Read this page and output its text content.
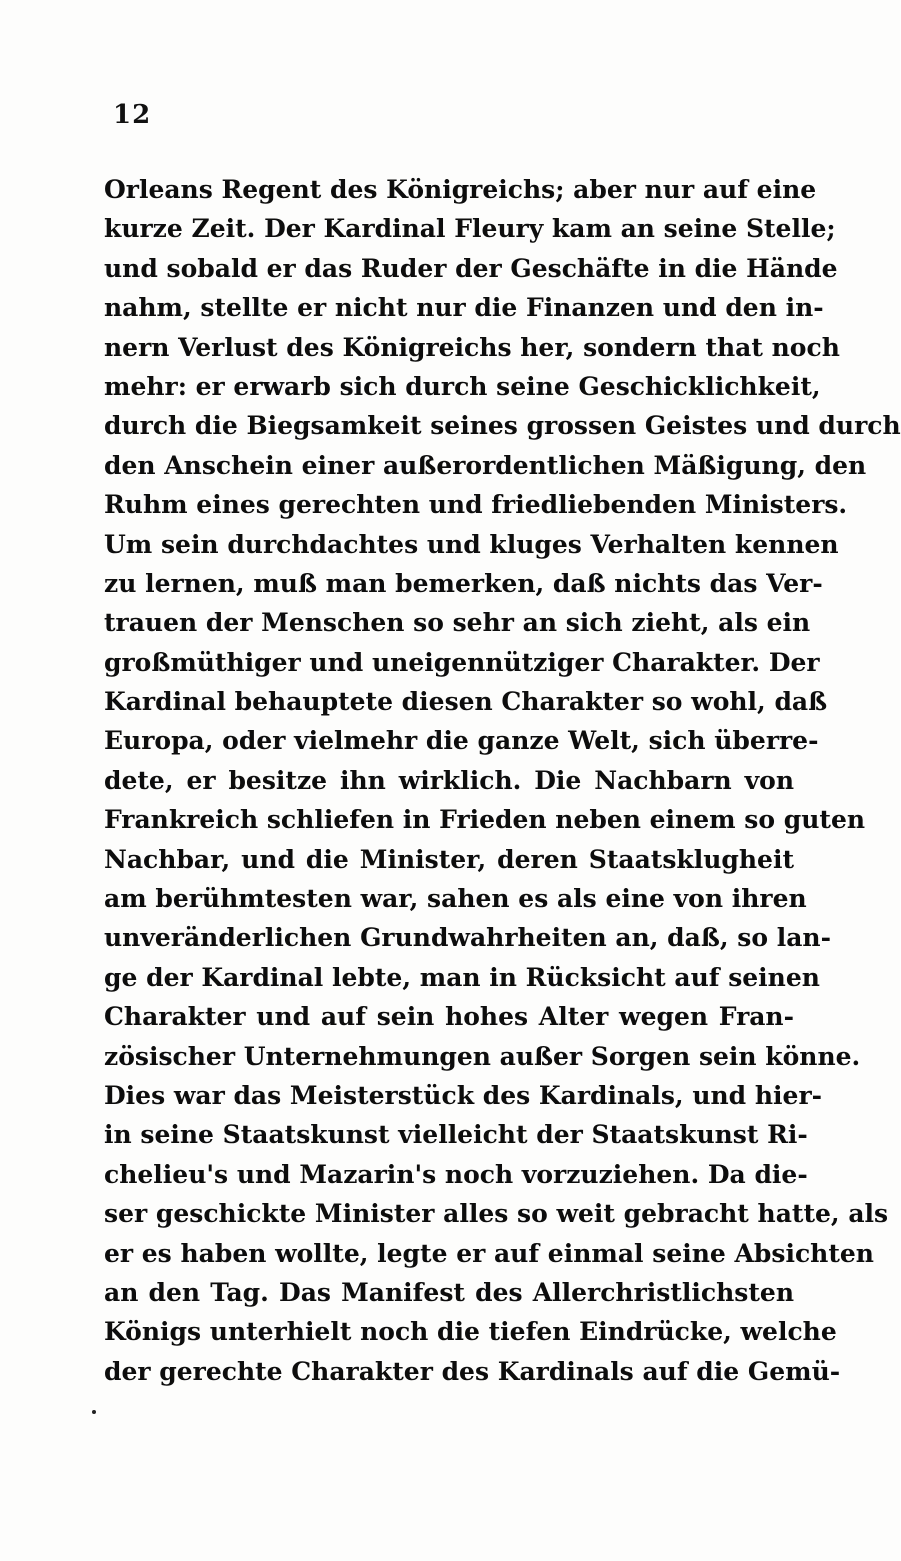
12
Orleans Regent des Königreichs; aber nur auf eine
kurze Zeit. Der Kardinal Fleury kam an seine Stelle;
und sobald er das Ruder der Geschäfte in die Hände
nahm, stellte er nicht nur die Finanzen und den in-
nern Verlust des Königreichs her, sondern that noch
mehr: er erwarb sich durch seine Geschicklichkeit,
durch die Biegsamkeit seines grossen Geistes und durch
den Anschein einer außerordentlichen Mäßigung, den
Ruhm eines gerechten und friedliebenden Ministers.
Um sein durchdachtes und kluges Verhalten kennen
zu lernen, muß man bemerken, daß nichts das Ver-
trauen der Menschen so sehr an sich zieht, als ein
großmüthiger und uneigennütziger Charakter. Der
Kardinal behauptete diesen Charakter so wohl, daß
Europa, oder vielmehr die ganze Welt, sich überre-
dete, er besitze ihn wirklich. Die Nachbarn von
Frankreich schliefen in Frieden neben einem so guten
Nachbar, und die Minister, deren Staatsklugheit
am berühmtesten war, sahen es als eine von ihren
unveränderlichen Grundwahrheiten an, daß, so lan-
ge der Kardinal lebte, man in Rücksicht auf seinen
Charakter und auf sein hohes Alter wegen Fran-
zösischer Unternehmungen außer Sorgen sein könne.
Dies war das Meisterstück des Kardinals, und hier-
in seine Staatskunst vielleicht der Staatskunst Ri-
chelieu's und Mazarin's noch vorzuziehen. Da die-
ser geschickte Minister alles so weit gebracht hatte, als
er es haben wollte, legte er auf einmal seine Absichten
an den Tag. Das Manifest des Allerchristlichsten
Königs unterhielt noch die tiefen Eindrücke, welche
der gerechte Charakter des Kardinals auf die Gemü-
